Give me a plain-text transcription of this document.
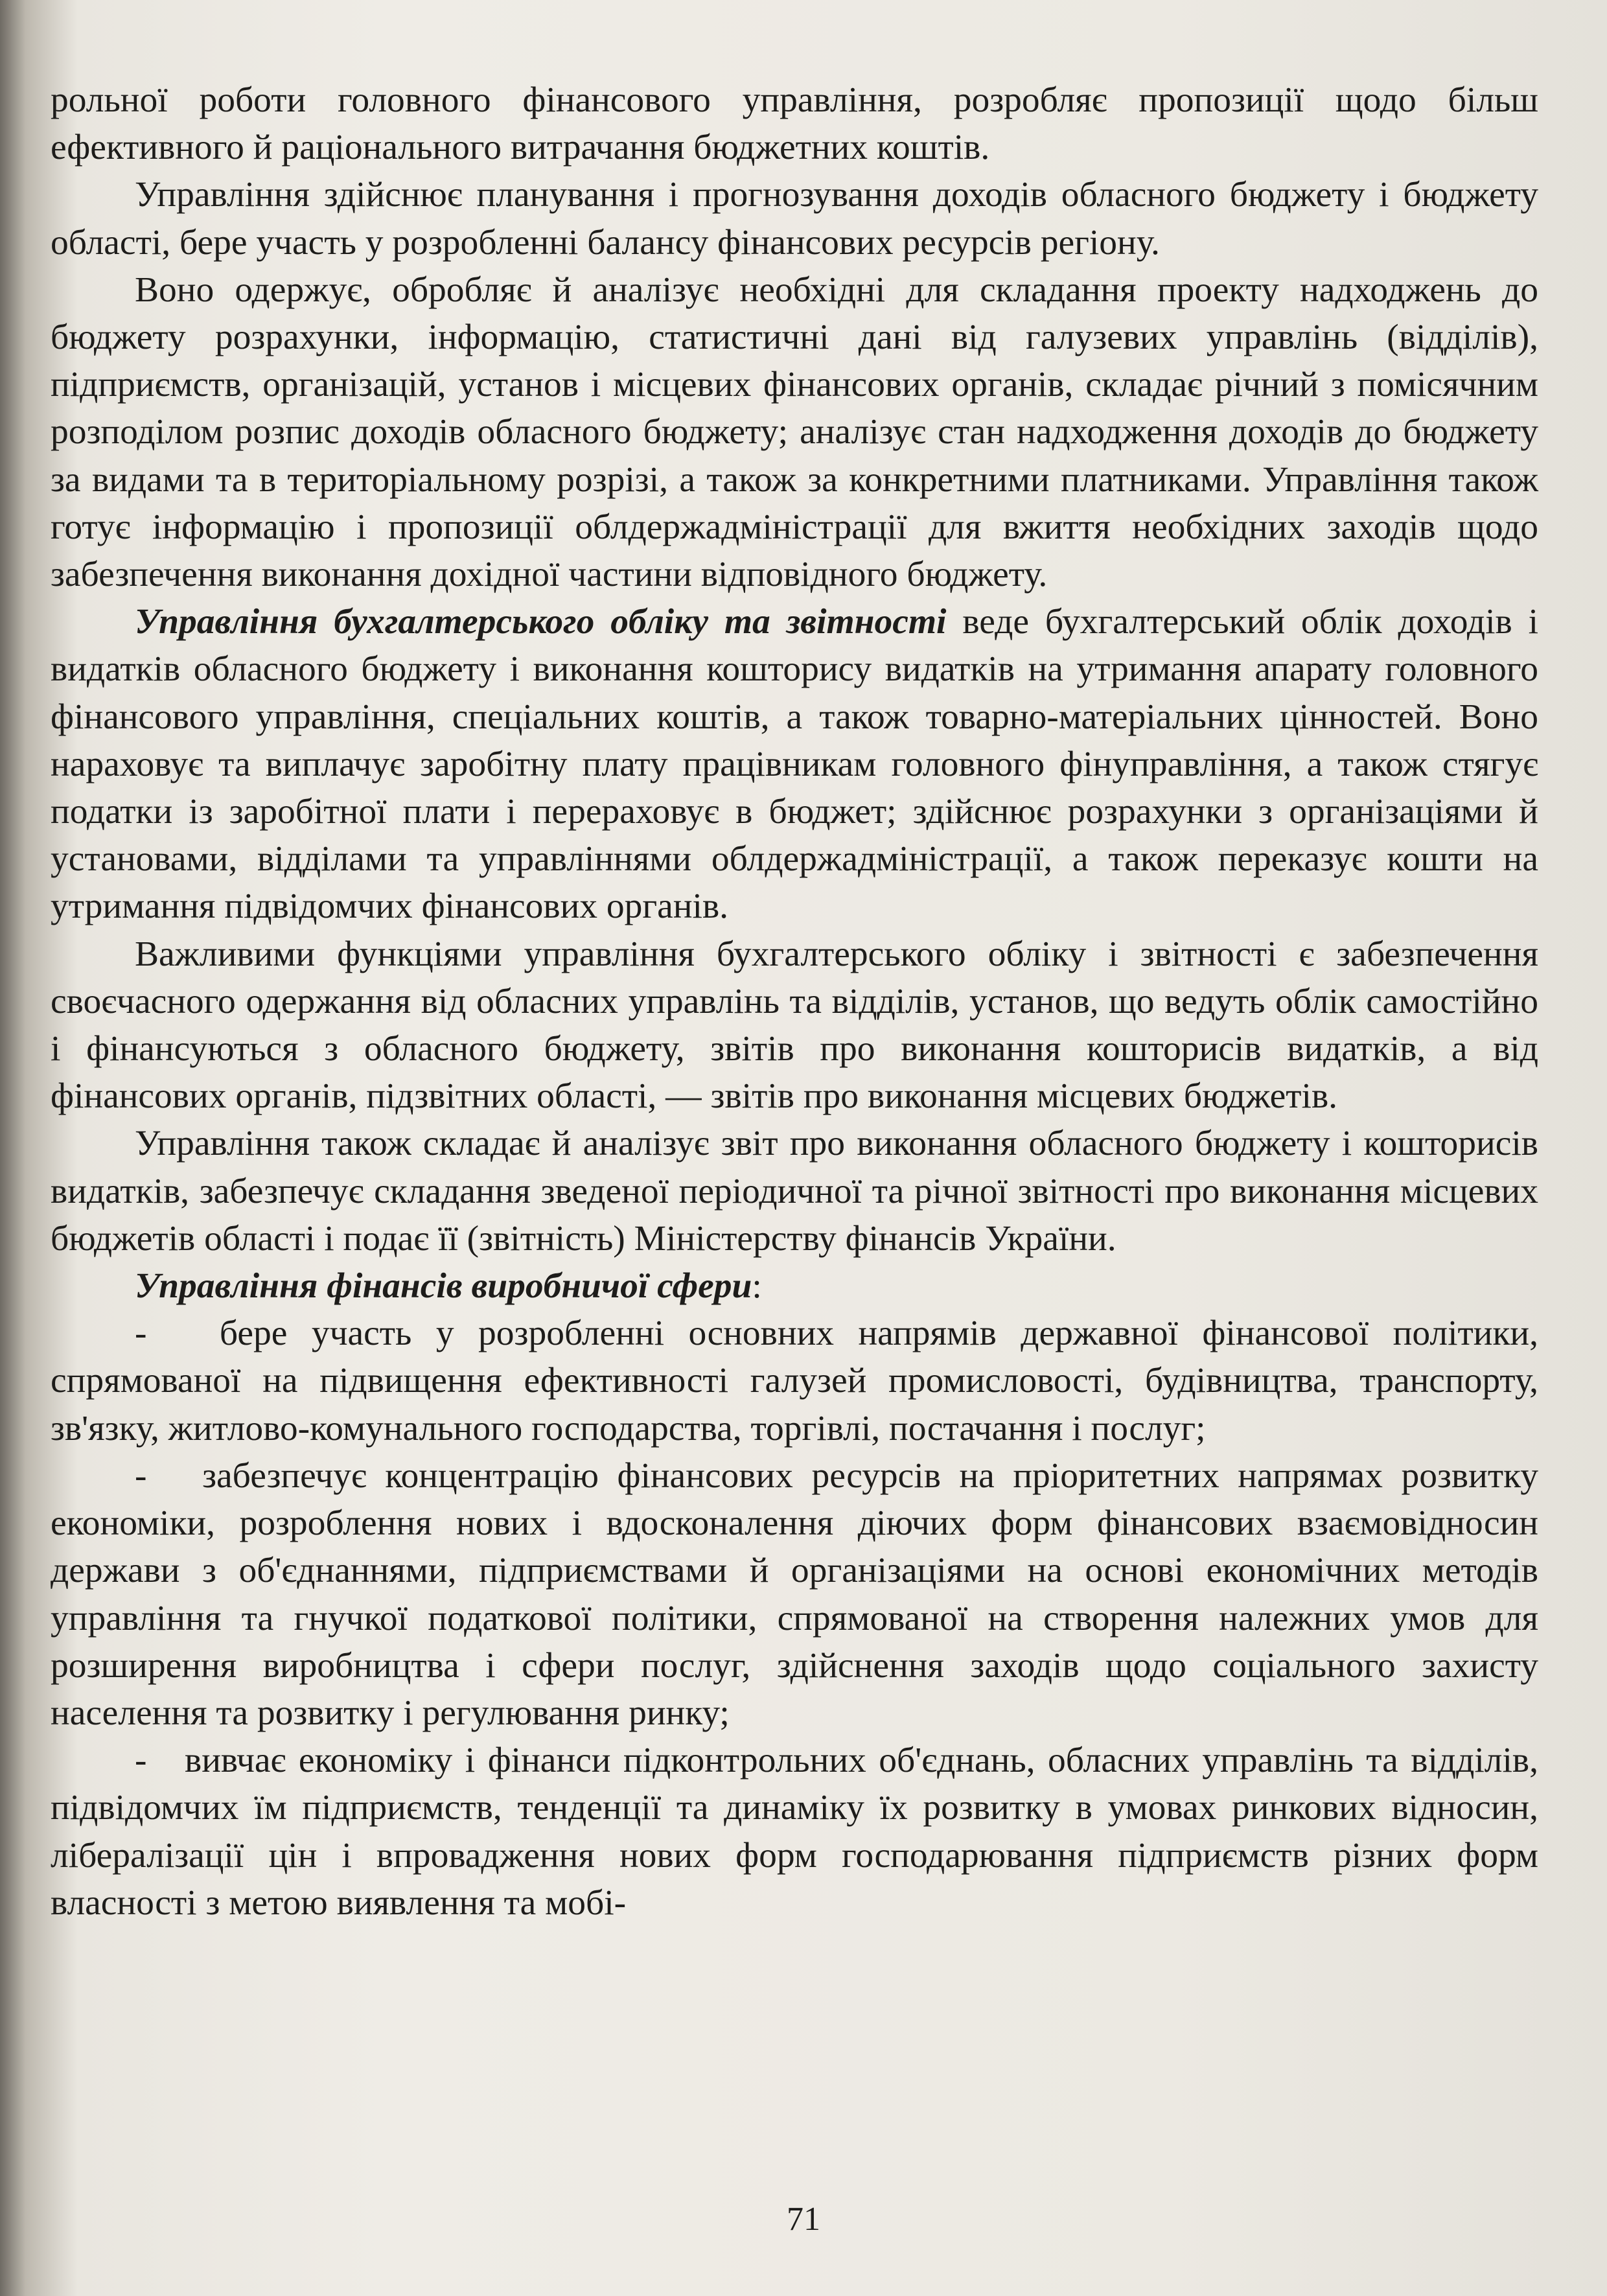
рольної роботи головного фінансового управління, розробляє пропозиції щодо більш ефективного й раціонального витрачання бюджетних коштів.

Управління здійснює планування і прогнозування доходів обласного бюджету і бюджету області, бере участь у розробленні балансу фінансових ресурсів регіону.

Воно одержує, обробляє й аналізує необхідні для складання проекту надходжень до бюджету розрахунки, інформацію, статистичні дані від галузевих управлінь (відділів), підприємств, організацій, установ і місцевих фінансових органів, складає річний з помісячним розподілом розпис доходів обласного бюджету; аналізує стан надходження доходів до бюджету за видами та в територіальному розрізі, а також за конкретними платниками. Управління також готує інформацію і пропозиції облдержадміністрації для вжиття необхідних заходів щодо забезпечення виконання дохідної частини відповідного бюджету.

Управління бухгалтерського обліку та звітності веде бухгалтерський облік доходів і видатків обласного бюджету і виконання кошторису видатків на утримання апарату головного фінансового управління, спеціальних коштів, а також товарно-матеріальних цінностей. Воно нараховує та виплачує заробітну плату працівникам головного фінуправління, а також стягує податки із заробітної плати і перераховує в бюджет; здійснює розрахунки з організаціями й установами, відділами та управліннями облдержадміністрації, а також переказує кошти на утримання підвідомчих фінансових органів.

Важливими функціями управління бухгалтерського обліку і звітності є забезпечення своєчасного одержання від обласних управлінь та відділів, установ, що ведуть облік самостійно і фінансуються з обласного бюджету, звітів про виконання кошторисів видатків, а від фінансових органів, підзвітних області, — звітів про виконання місцевих бюджетів.

Управління також складає й аналізує звіт про виконання обласного бюджету і кошторисів видатків, забезпечує складання зведеної періодичної та річної звітності про виконання місцевих бюджетів області і подає її (звітність) Міністерству фінансів України.

Управління фінансів виробничої сфери:

- бере участь у розробленні основних напрямів державної фінансової політики, спрямованої на підвищення ефективності галузей промисловості, будівництва, транспорту, зв'язку, житлово-комунального господарства, торгівлі, постачання і послуг;

- забезпечує концентрацію фінансових ресурсів на пріоритетних напрямах розвитку економіки, розроблення нових і вдосконалення діючих форм фінансових взаємовідносин держави з об'єднаннями, підприємствами й організаціями на основі економічних методів управління та гнучкої податкової політики, спрямованої на створення належних умов для розширення виробництва і сфери послуг, здійснення заходів щодо соціального захисту населення та розвитку і регулювання ринку;

- вивчає економіку і фінанси підконтрольних об'єднань, обласних управлінь та відділів, підвідомчих їм підприємств, тенденції та динаміку їх розвитку в умовах ринкових відносин, лібералізації цін і впровадження нових форм господарювання підприємств різних форм власності з метою виявлення та мобі-

71
